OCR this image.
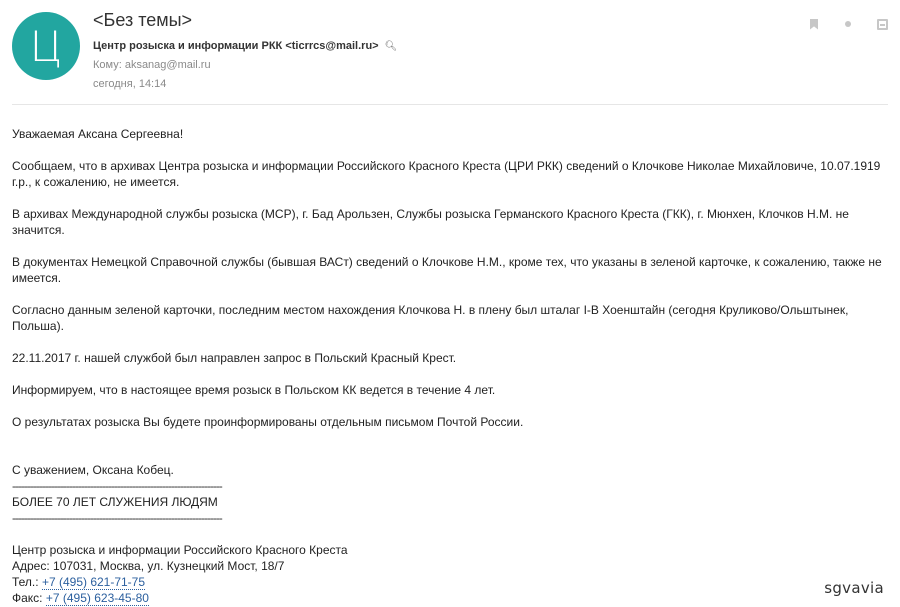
Ц
<Без темы>
Центр розыска и информации РКК <ticrrcs@mail.ru> 🔍︎
Кому: aksanag@mail.ru
сегодня, 14:14

Уважаемая Аксана Сергеевна!

Сообщаем, что в архивах Центра розыска и информации Российского Красного Креста (ЦРИ РКК) сведений о Клочкове Николае Михайловиче, 10.07.1919 г.р., к сожалению, не имеется.

В архивах Международной службы розыска (МСР), г. Бад Арользен, Службы розыска Германского Красного Креста (ГКК), г. Мюнхен, Клочков Н.М. не значится.

В документах Немецкой Справочной службы (бывшая ВАСт) сведений о Клочкове Н.М., кроме тех, что указаны в зеленой карточке, к сожалению, также не имеется.

Согласно данным зеленой карточки, последним местом нахождения Клочкова Н. в плену был шталаг I-B Хоенштайн (сегодня Круликово/Ольштынек, Польша).

22.11.2017 г. нашей службой был направлен запрос в Польский Красный Крест.

Информируем, что в настоящее время розыск в Польском КК ведется в течение 4 лет.

О результатах розыска Вы будете проинформированы отдельным письмом Почтой России.

С уважением, Оксана Кобец.

----------------------------------------------------------------------

БОЛЕЕ 70 ЛЕТ СЛУЖЕНИЯ ЛЮДЯМ

----------------------------------------------------------------------

Центр розыска и информации Российского Красного Креста

Адрес: 107031, Москва, ул. Кузнецкий Мост, 18/7

Тел.: +7 (495) 621-71-75

Факс: +7 (495) 623-45-80

sgvavia
